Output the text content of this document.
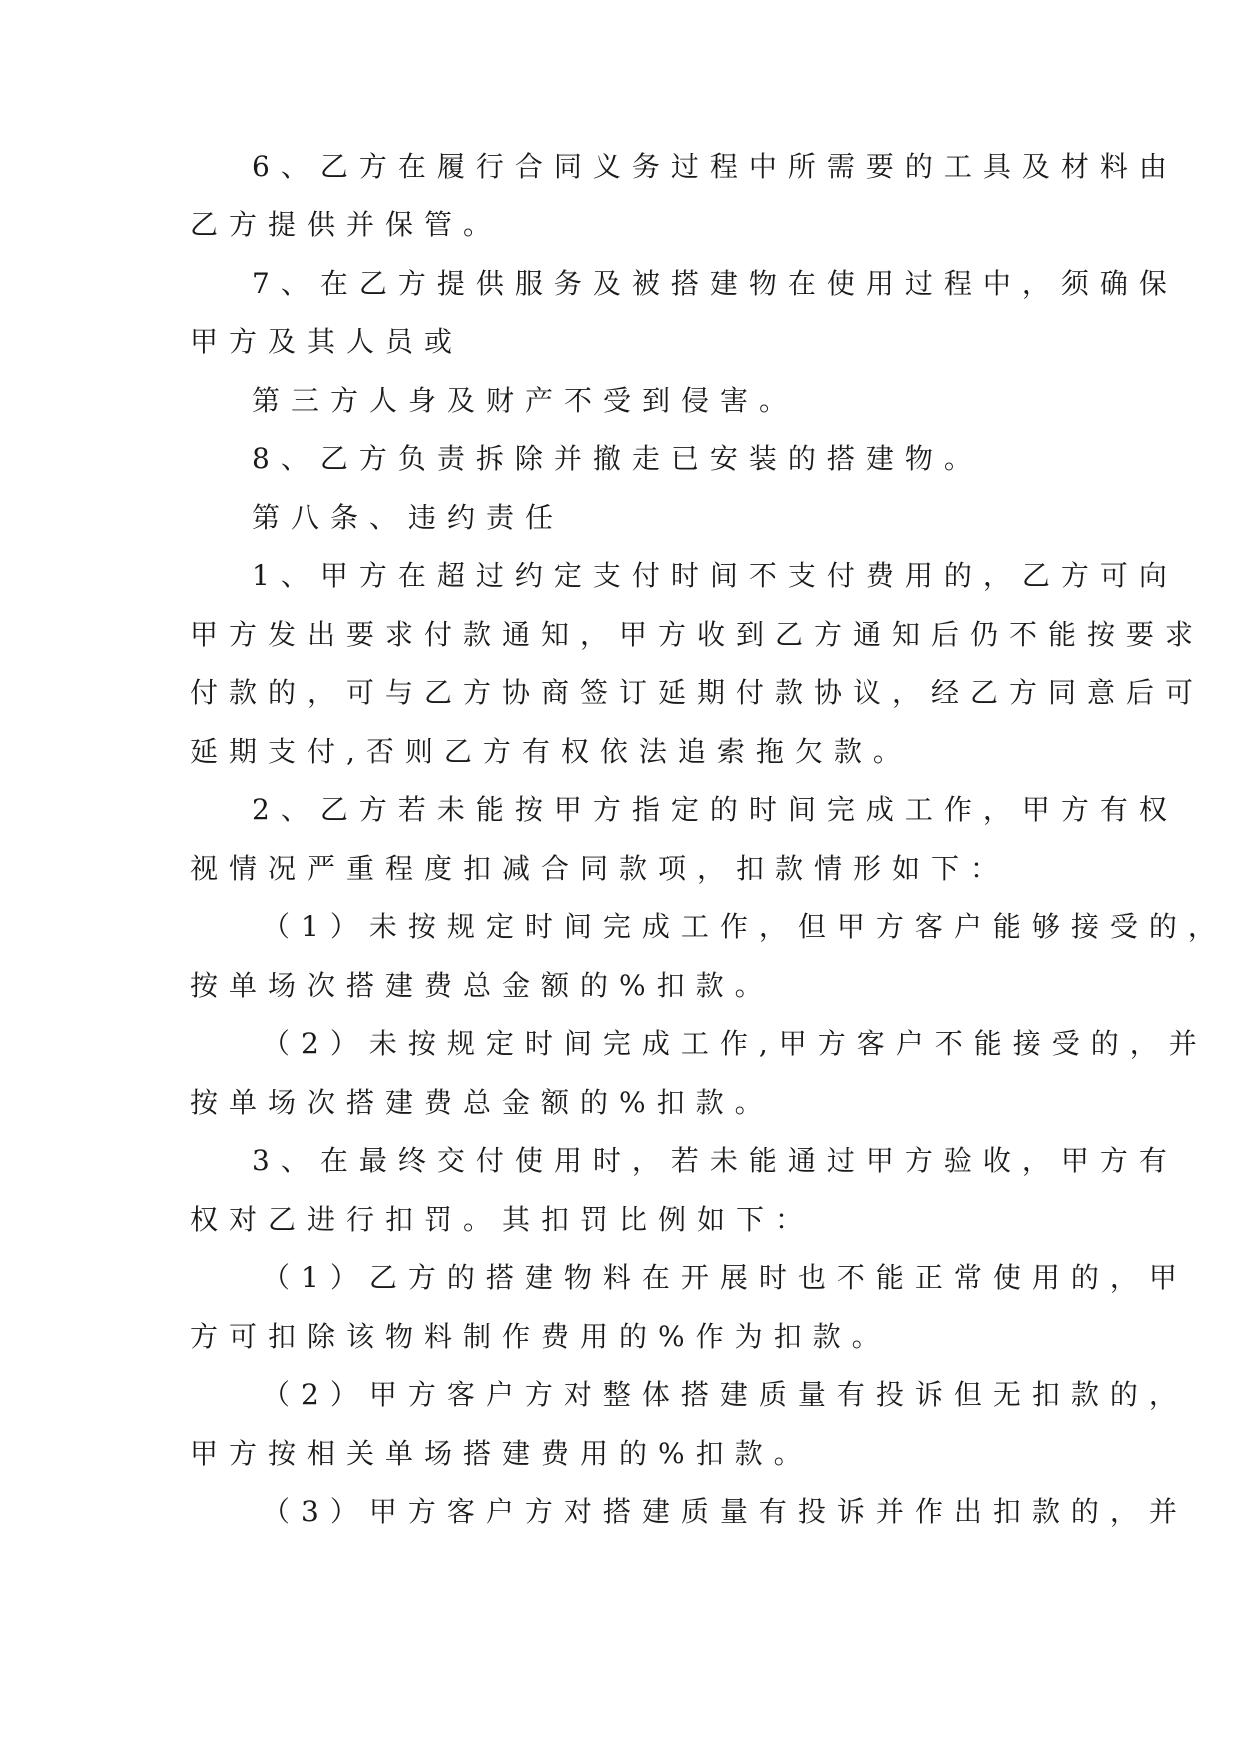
6、乙方在履行合同义务过程中所需要的工具及材料由
乙方提供并保管。
7、在乙方提供服务及被搭建物在使用过程中，须确保
甲方及其人员或
第三方人身及财产不受到侵害。
8、乙方负责拆除并撤走已安装的搭建物。
第八条、违约责任
1、甲方在超过约定支付时间不支付费用的，乙方可向
甲方发出要求付款通知，甲方收到乙方通知后仍不能按要求
付款的，可与乙方协商签订延期付款协议，经乙方同意后可
延期支付,否则乙方有权依法追索拖欠款。
2、乙方若未能按甲方指定的时间完成工作，甲方有权
视情况严重程度扣减合同款项，扣款情形如下：
（1）未按规定时间完成工作，但甲方客户能够接受的，
按单场次搭建费总金额的%扣款。
（2）未按规定时间完成工作,甲方客户不能接受的，并
按单场次搭建费总金额的%扣款。
3、在最终交付使用时，若未能通过甲方验收，甲方有
权对乙进行扣罚。其扣罚比例如下：
（1）乙方的搭建物料在开展时也不能正常使用的，甲
方可扣除该物料制作费用的%作为扣款。
（2）甲方客户方对整体搭建质量有投诉但无扣款的，
甲方按相关单场搭建费用的%扣款。
（3）甲方客户方对搭建质量有投诉并作出扣款的，并
